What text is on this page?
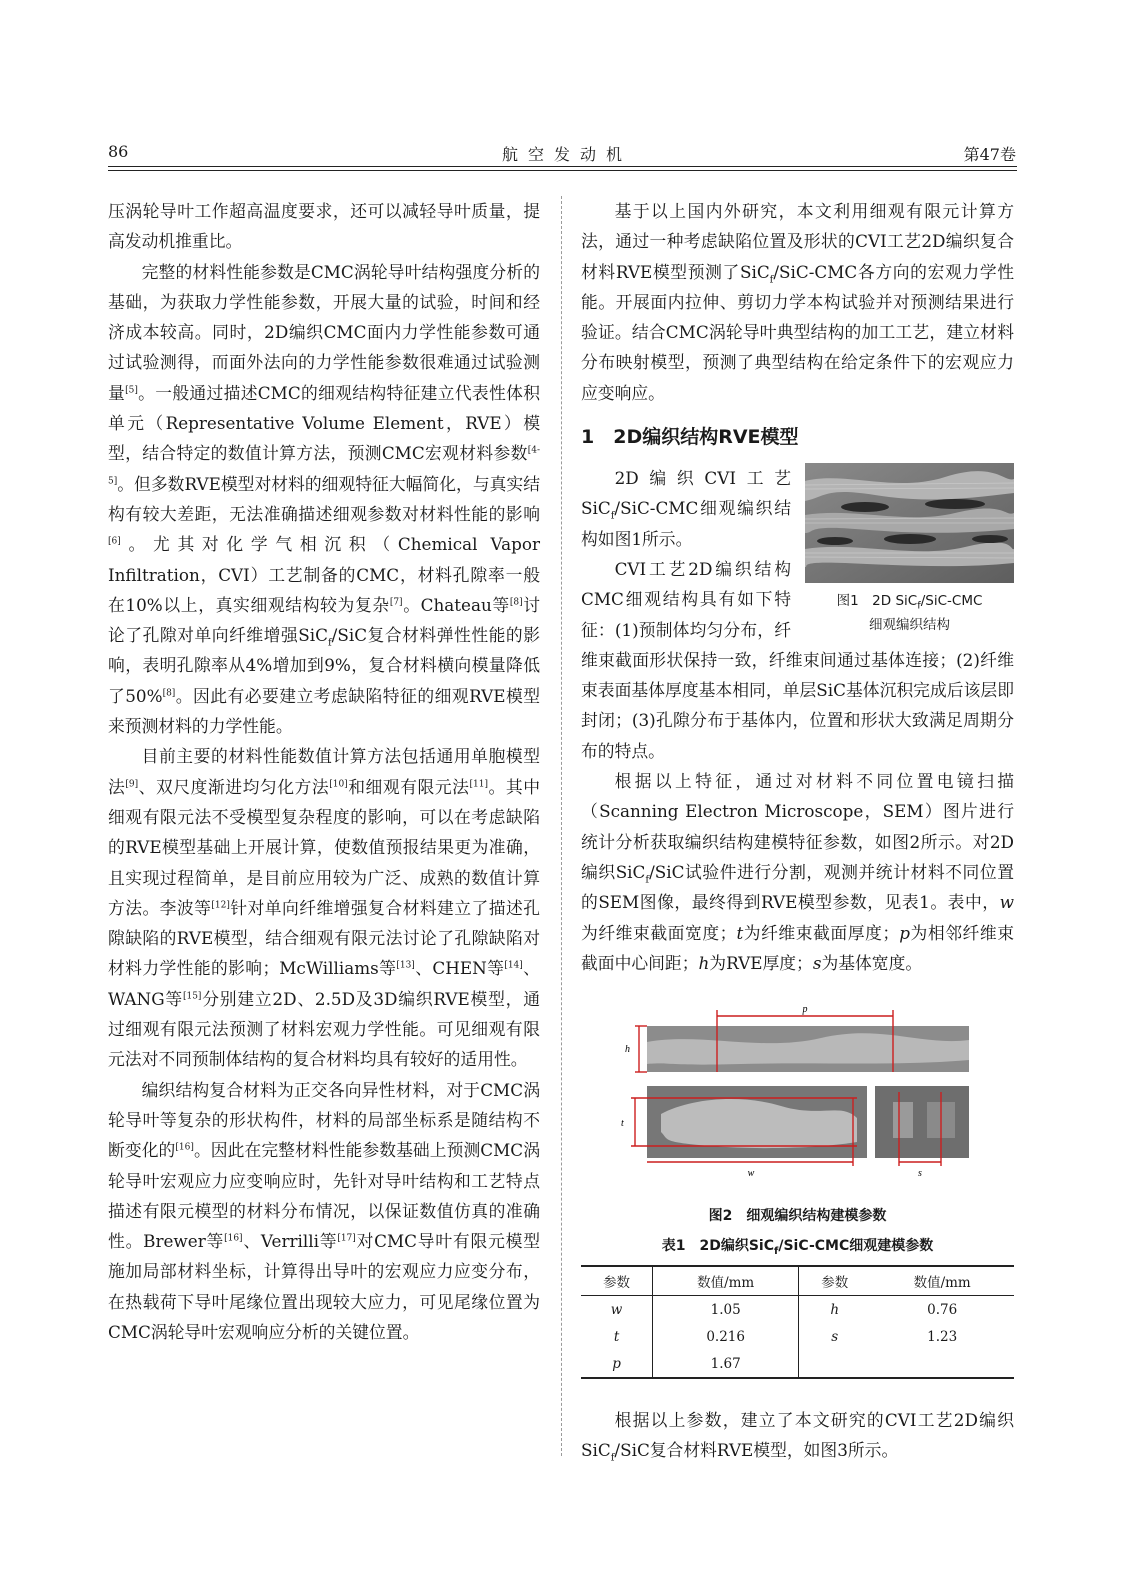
86	航空发动机	第47卷

压涡轮导叶工作超高温度要求，还可以减轻导叶质量，提高发动机推重比。

完整的材料性能参数是CMC涡轮导叶结构强度分析的基础，为获取力学性能参数，开展大量的试验，时间和经济成本较高。同时，2D编织CMC面内力学性能参数可通过试验测得，而面外法向的力学性能参数很难通过试验测量[5]。一般通过描述CMC的细观结构特征建立代表性体积单元（Representative Volume Element，RVE）模型，结合特定的数值计算方法，预测CMC宏观材料参数[4-5]。但多数RVE模型对材料的细观特征大幅简化，与真实结构有较大差距，无法准确描述细观参数对材料性能的影响[6]。尤其对化学气相沉积（Chemical Vapor Infiltration，CVI）工艺制备的CMC，材料孔隙率一般在10%以上，真实细观结构较为复杂[7]。Chateau等[8]讨论了孔隙对单向纤维增强SiC$_f$/SiC复合材料弹性性能的影响，表明孔隙率从4%增加到9%，复合材料横向模量降低了50%[8]。因此有必要建立考虑缺陷特征的细观RVE模型来预测材料的力学性能。

目前主要的材料性能数值计算方法包括通用单胞模型法[9]、双尺度渐进均匀化方法[10]和细观有限元法[11]。其中细观有限元法不受模型复杂程度的影响，可以在考虑缺陷的RVE模型基础上开展计算，使数值预报结果更为准确，且实现过程简单，是目前应用较为广泛、成熟的数值计算方法。李波等[12]针对单向纤维增强复合材料建立了描述孔隙缺陷的RVE模型，结合细观有限元法讨论了孔隙缺陷对材料力学性能的影响；McWilliams等[13]、CHEN等[14]、WANG等[15]分别建立2D、2.5D及3D编织RVE模型，通过细观有限元法预测了材料宏观力学性能。可见细观有限元法对不同预制体结构的复合材料均具有较好的适用性。

编织结构复合材料为正交各向异性材料，对于CMC涡轮导叶等复杂的形状构件，材料的局部坐标系是随结构不断变化的[16]。因此在完整材料性能参数基础上预测CMC涡轮导叶宏观应力应变响应时，先针对导叶结构和工艺特点描述有限元模型的材料分布情况，以保证数值仿真的准确性。Brewer等[16]、Verrilli等[17]对CMC导叶有限元模型施加局部材料坐标，计算得出导叶的宏观应力应变分布，在热载荷下导叶尾缘位置出现较大应力，可见尾缘位置为CMC涡轮导叶宏观响应分析的关键位置。

基于以上国内外研究，本文利用细观有限元计算方法，通过一种考虑缺陷位置及形状的CVI工艺2D编织复合材料RVE模型预测了SiC$_f$/SiC-CMC各方向的宏观力学性能。开展面内拉伸、剪切力学本构试验并对预测结果进行验证。结合CMC涡轮导叶典型结构的加工工艺，建立材料分布映射模型，预测了典型结构在给定条件下的宏观应力应变响应。

1　2D编织结构RVE模型
图1　2D SiC$_f$/SiC-CMC
细观编织结构

2D编织CVI工艺SiC$_f$/SiC-CMC细观编织结构如图1所示。

CVI工艺2D编织结构CMC细观结构具有如下特征：(1)预制体均匀分布，纤维束截面形状保持一致，纤维束间通过基体连接；(2)纤维束表面基体厚度基本相同，单层SiC基体沉积完成后该层即封闭；(3)孔隙分布于基体内，位置和形状大致满足周期分布的特点。

根据以上特征，通过对材料不同位置电镜扫描（Scanning Electron Microscope，SEM）图片进行统计分析获取编织结构建模特征参数，如图2所示。对2D编织SiC$_f$/SiC试验件进行分割，观测并统计材料不同位置的SEM图像，最终得到RVE模型参数，见表1。表中，w为纤维束截面宽度；t为纤维束截面厚度；p为相邻纤维束截面中心间距；h为RVE厚度；s为基体宽度。

p
h
t
w	s
图2　细观编织结构建模参数
表1　2D编织SiC$_f$/SiC-CMC细观建模参数
参数	数值/mm	参数	数值/mm
w	1.05	h	0.76
t	0.216	s	1.23
p	1.67		

根据以上参数，建立了本文研究的CVI工艺2D编织SiC$_f$/SiC复合材料RVE模型，如图3所示。
